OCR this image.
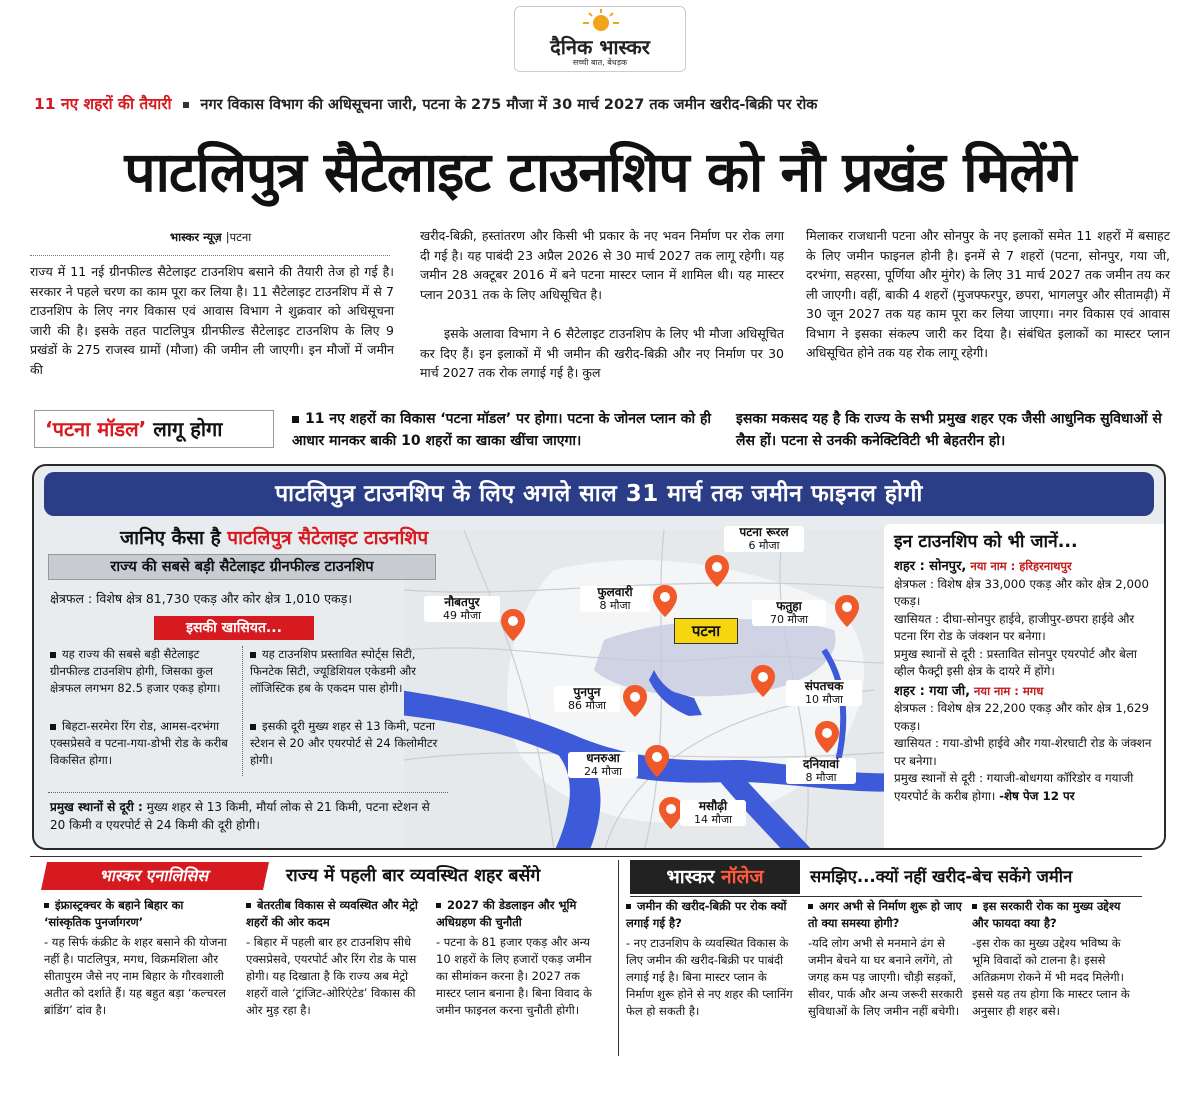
दैनिक भास्कर
सच्ची बात, बेधड़क
11 नए शहरों की तैयारी नगर विकास विभाग की अधिसूचना जारी, पटना के 275 मौजा में 30 मार्च 2027 तक जमीन खरीद-बिक्री पर रोक
पाटलिपुत्र सैटेलाइट टाउनशिप को नौ प्रखंड मिलेंगे
भास्कर न्यूज़ |पटना
राज्य में 11 नई ग्रीनफील्ड सैटेलाइट टाउनशिप बसाने की तैयारी तेज हो गई है। सरकार ने पहले चरण का काम पूरा कर लिया है। 11 सैटेलाइट टाउनशिप में से 7 टाउनशिप के लिए नगर विकास एवं आवास विभाग ने शुक्रवार को अधिसूचना जारी की है। इसके तहत पाटलिपुत्र ग्रीनफील्ड सैटेलाइट टाउनशिप के लिए 9 प्रखंडों के 275 राजस्व ग्रामों (मौजा) की जमीन ली जाएगी। इन मौजों में जमीन की
खरीद-बिक्री, हस्तांतरण और किसी भी प्रकार के नए भवन निर्माण पर रोक लगा दी गई है। यह पाबंदी 23 अप्रैल 2026 से 30 मार्च 2027 तक लागू रहेगी। यह जमीन 28 अक्टूबर 2016 में बने पटना मास्टर प्लान में शामिल थी। यह मास्टर प्लान 2031 तक के लिए अधिसूचित है।
इसके अलावा विभाग ने 6 सैटेलाइट टाउनशिप के लिए भी मौजा अधिसूचित कर दिए हैं। इन इलाकों में भी जमीन की खरीद-बिक्री और नए निर्माण पर 30 मार्च 2027 तक रोक लगाई गई है। कुल
मिलाकर राजधानी पटना और सोनपुर के नए इलाकों समेत 11 शहरों में बसाहट के लिए जमीन फाइनल होनी है। इनमें से 7 शहरों (पटना, सोनपुर, गया जी, दरभंगा, सहरसा, पूर्णिया और मुंगेर) के लिए 31 मार्च 2027 तक जमीन तय कर ली जाएगी। वहीं, बाकी 4 शहरों (मुजफ्फरपुर, छपरा, भागलपुर और सीतामढ़ी) में 30 जून 2027 तक यह काम पूरा कर लिया जाएगा। नगर विकास एवं आवास विभाग ने इसका संकल्प जारी कर दिया है। संबंधित इलाकों का मास्टर प्लान अधिसूचित होने तक यह रोक लागू रहेगी।
‘पटना मॉडल’ लागू होगा	11 नए शहरों का विकास ‘पटना मॉडल’ पर होगा। पटना के जोनल प्लान को ही आधार मानकर बाकी 10 शहरों का खाका खींचा जाएगा।
इसका मकसद यह है कि राज्य के सभी प्रमुख शहर एक जैसी आधुनिक सुविधाओं से लैस हों। पटना से उनकी कनेक्टिविटी भी बेहतरीन हो।
पटना रूरल
6 मौजा
नौबतपुर
49 मौजा
फुलवारी
8 मौजा	फतुहा
70 मौजा
संपतचक
10 मौजा
पुनपुन
86 मौजा
धनरुआ
24 मौजा
दनियावां
8 मौजा
मसौढ़ी
14 मौजा
पटना
पाटलिपुत्र टाउनशिप के लिए अगले साल 31 मार्च तक जमीन फाइनल होगी
जानिए कैसा है पाटलिपुत्र सैटेलाइट टाउनशिप
राज्य की सबसे बड़ी सैटेलाइट ग्रीनफील्ड टाउनशिप
क्षेत्रफल : विशेष क्षेत्र 81,730 एकड़ और कोर क्षेत्र 1,010 एकड़।
इसकी खासियत...
यह राज्य की सबसे बड़ी सैटेलाइट ग्रीनफील्ड टाउनशिप होगी, जिसका कुल क्षेत्रफल लगभग 82.5 हजार एकड़ होगा।
बिहटा-सरमेरा रिंग रोड, आमस-दरभंगा एक्सप्रेसवे व पटना-गया-डोभी रोड के करीब विकसित होगा।
यह टाउनशिप प्रस्तावित स्पोर्ट्स सिटी, फिनटेक सिटी, ज्यूडिशियल एकेडमी और लॉजिस्टिक हब के एकदम पास होगी।
इसकी दूरी मुख्य शहर से 13 किमी, पटना स्टेशन से 20 और एयरपोर्ट से 24 किलोमीटर होगी।
प्रमुख स्थानों से दूरी : मुख्य शहर से 13 किमी, मौर्या लोक से 21 किमी, पटना स्टेशन से 20 किमी व एयरपोर्ट से 24 किमी की दूरी होगी।
इन टाउनशिप को भी जानें...
शहर : सोनपुर, नया नाम : हरिहरनाथपुर
क्षेत्रफल : विशेष क्षेत्र 33,000 एकड़ और कोर क्षेत्र 2,000 एकड़।
खासियत : दीघा-सोनपुर हाईवे, हाजीपुर-छपरा हाईवे और पटना रिंग रोड के जंक्शन पर बनेगा।
प्रमुख स्थानों से दूरी : प्रस्तावित सोनपुर एयरपोर्ट और बेला व्हील फैक्ट्री इसी क्षेत्र के दायरे में होंगे।
शहर : गया जी, नया नाम : मगध
क्षेत्रफल : विशेष क्षेत्र 22,200 एकड़ और कोर क्षेत्र 1,629 एकड़।
खासियत : गया-डोभी हाईवे और गया-शेरघाटी रोड के जंक्शन पर बनेगा।
प्रमुख स्थानों से दूरी : गयाजी-बोधगया कॉरिडोर व गयाजी एयरपोर्ट के करीब होगा। -शेष पेज 12 पर
भास्कर एनालिसिस	राज्य में पहली बार व्यवस्थित शहर बसेंगे
इंफ्रास्ट्रक्चर के बहाने बिहार का ‘सांस्कृतिक पुनर्जागरण’
- यह सिर्फ कंक्रीट के शहर बसाने की योजना नहीं है। पाटलिपुत्र, मगध, विक्रमशिला और सीतापुरम जैसे नए नाम बिहार के गौरवशाली अतीत को दर्शाते हैं। यह बहुत बड़ा ‘कल्चरल ब्रांडिंग’ दांव है।
बेतरतीब विकास से व्यवस्थित और मेट्रो शहरों की ओर कदम
- बिहार में पहली बार हर टाउनशिप सीधे एक्सप्रेसवे, एयरपोर्ट और रिंग रोड के पास होगी। यह दिखाता है कि राज्य अब मेट्रो शहरों वाले ‘ट्रांजिट-ओरिएंटेड’ विकास की ओर मुड़ रहा है।
2027 की डेडलाइन और भूमि अधिग्रहण की चुनौती
- पटना के 81 हजार एकड़ और अन्य 10 शहरों के लिए हजारों एकड़ जमीन का सीमांकन करना है। 2027 तक मास्टर प्लान बनाना है। बिना विवाद के जमीन फाइनल करना चुनौती होगी।
भास्कर नॉलेज	समझिए...क्यों नहीं खरीद-बेच सकेंगे जमीन
जमीन की खरीद-बिक्री पर रोक क्यों लगाई गई है?
- नए टाउनशिप के व्यवस्थित विकास के लिए जमीन की खरीद-बिक्री पर पाबंदी लगाई गई है। बिना मास्टर प्लान के निर्माण शुरू होने से नए शहर की प्लानिंग फेल हो सकती है।
अगर अभी से निर्माण शुरू हो जाए तो क्या समस्या होगी?
-यदि लोग अभी से मनमाने ढंग से जमीन बेचने या घर बनाने लगेंगे, तो जगह कम पड़ जाएगी। चौड़ी सड़कों, सीवर, पार्क और अन्य जरूरी सरकारी सुविधाओं के लिए जमीन नहीं बचेगी।
इस सरकारी रोक का मुख्य उद्देश्य और फायदा क्या है?
-इस रोक का मुख्य उद्देश्य भविष्य के भूमि विवादों को टालना है। इससे अतिक्रमण रोकने में भी मदद मिलेगी। इससे यह तय होगा कि मास्टर प्लान के अनुसार ही शहर बसे।
